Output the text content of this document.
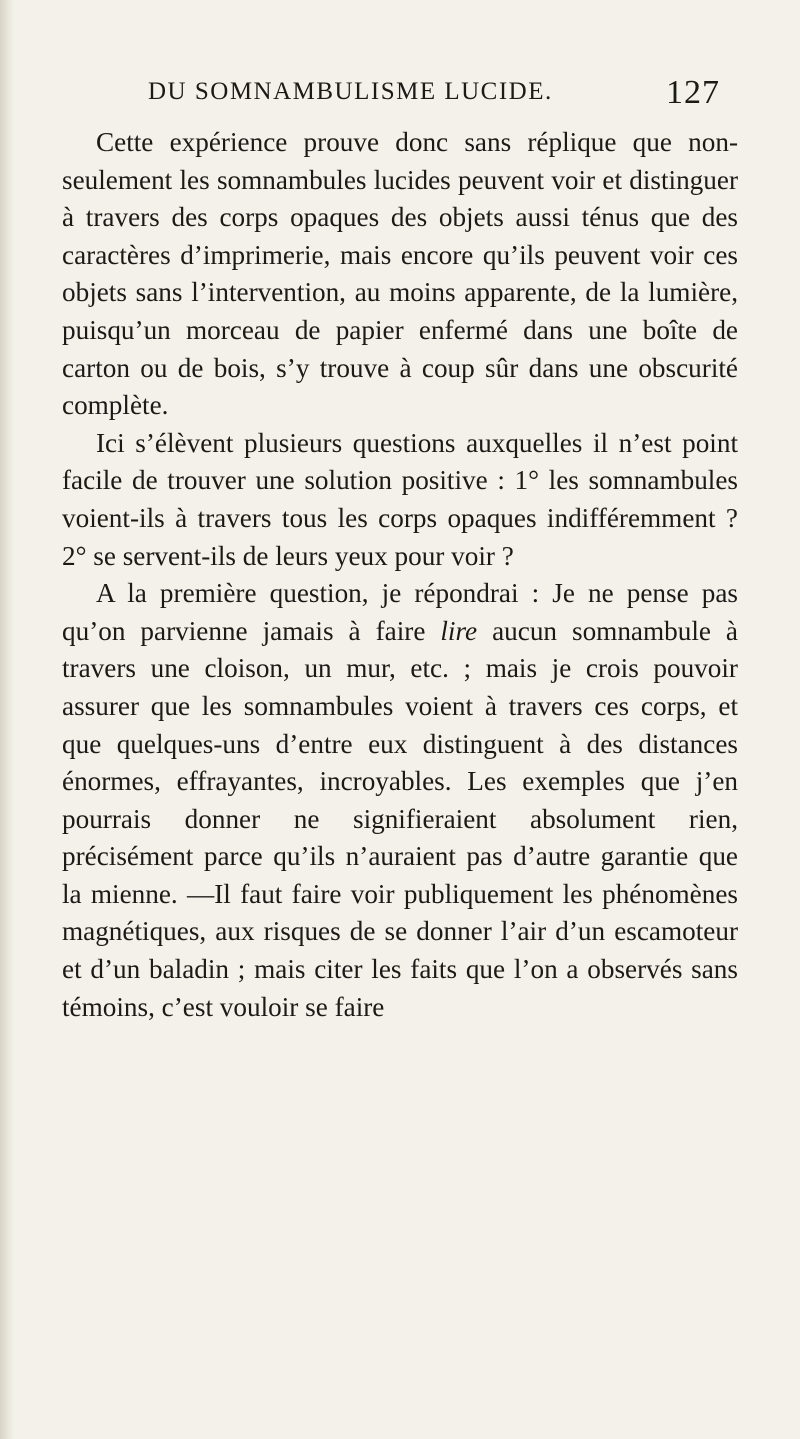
DU SOMNAMBULISME LUCIDE.	127

Cette expérience prouve donc sans réplique que non-seulement les somnambules lucides peuvent voir et distinguer à travers des corps opaques des objets aussi ténus que des caractères d’imprimerie, mais encore qu’ils peuvent voir ces objets sans l’intervention, au moins apparente, de la lumière, puisqu’un morceau de papier enfermé dans une boîte de carton ou de bois, s’y trouve à coup sûr dans une obscurité complète.

Ici s’élèvent plusieurs questions auxquelles il n’est point facile de trouver une solution positive : 1° les somnambules voient-ils à travers tous les corps opaques indifféremment ? 2° se servent-ils de leurs yeux pour voir ?

A la première question, je répondrai : Je ne pense pas qu’on parvienne jamais à faire lire aucun somnambule à travers une cloison, un mur, etc. ; mais je crois pouvoir assurer que les somnambules voient à travers ces corps, et que quelques-uns d’entre eux distinguent à des distances énormes, effrayantes, incroyables. Les exemples que j’en pourrais donner ne signifieraient absolument rien, précisément parce qu’ils n’auraient pas d’autre garantie que la mienne. —Il faut faire voir publiquement les phénomènes magnétiques, aux risques de se donner l’air d’un escamoteur et d’un baladin ; mais citer les faits que l’on a observés sans témoins, c’est vouloir se faire
